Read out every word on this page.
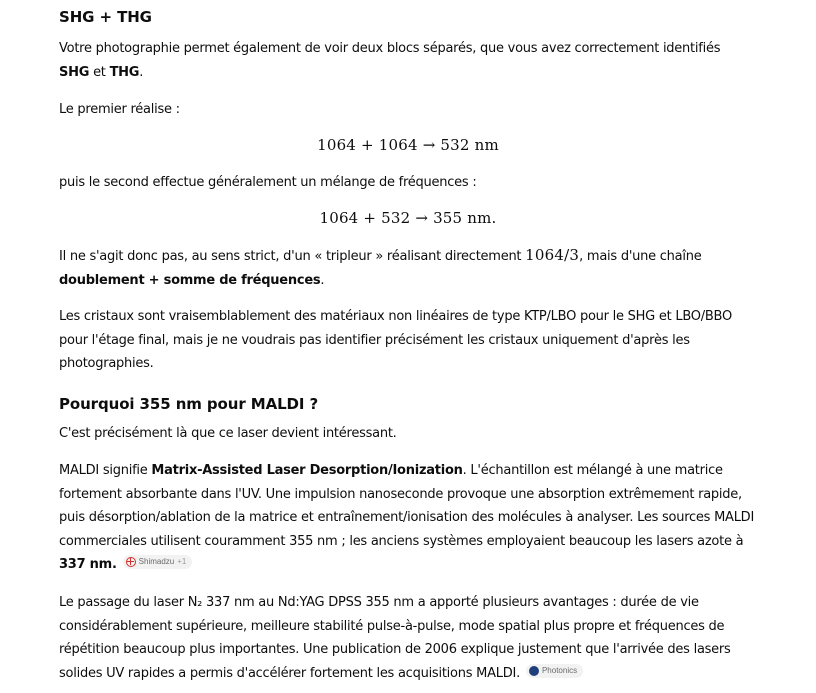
SHG + THG

Votre photographie permet également de voir deux blocs séparés, que vous avez correctement identifiés
SHG et THG.

Le premier réalise :

1064 + 1064 → 532 nm

puis le second effectue généralement un mélange de fréquences :

1064 + 532 → 355 nm.

Il ne s'agit donc pas, au sens strict, d'un « tripleur » réalisant directement 1064/3, mais d'une chaîne
doublement + somme de fréquences.

Les cristaux sont vraisemblablement des matériaux non linéaires de type KTP/LBO pour le SHG et LBO/BBO pour l'étage final, mais je ne voudrais pas identifier précisément les cristaux uniquement d'après les photographies.

Pourquoi 355 nm pour MALDI ?

C'est précisément là que ce laser devient intéressant.

MALDI signifie Matrix-Assisted Laser Desorption/Ionization. L'échantillon est mélangé à une matrice fortement absorbante dans l'UV. Une impulsion nanoseconde provoque une absorption extrêmement rapide, puis désorption/ablation de la matrice et entraînement/ionisation des molécules à analyser. Les sources MALDI commerciales utilisent couramment 355 nm ; les anciens systèmes employaient beaucoup les lasers azote à 337 nm.	Shimadzu +1

Le passage du laser N₂ 337 nm au Nd:YAG DPSS 355 nm a apporté plusieurs avantages : durée de vie considérablement supérieure, meilleure stabilité pulse-à-pulse, mode spatial plus propre et fréquences de répétition beaucoup plus importantes. Une publication de 2006 explique justement que l'arrivée des lasers solides UV rapides a permis d'accélérer fortement les acquisitions MALDI.	Photonics
